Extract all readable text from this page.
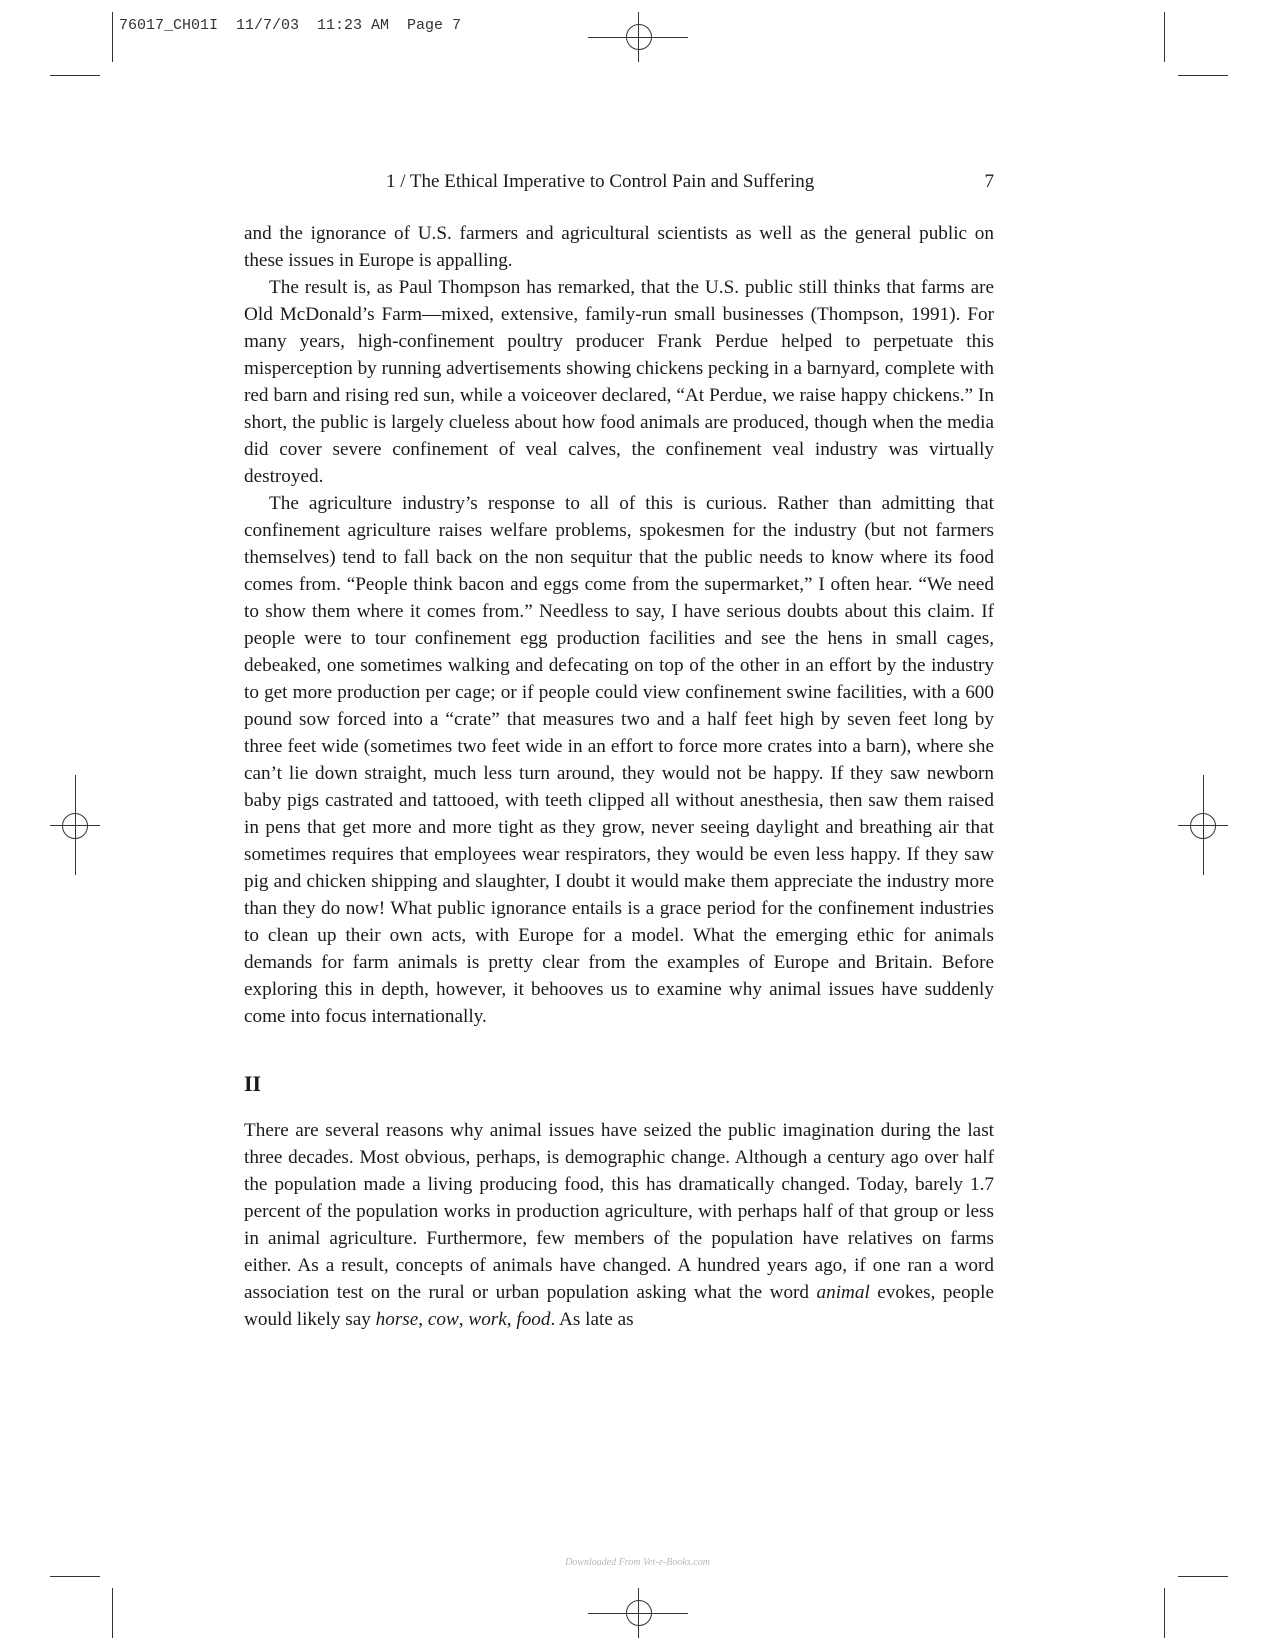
76017_CH01I  11/7/03  11:23 AM  Page 7
1 / The Ethical Imperative to Control Pain and Suffering	7

and the ignorance of U.S. farmers and agricultural scientists as well as the general public on these issues in Europe is appalling.

The result is, as Paul Thompson has remarked, that the U.S. public still thinks that farms are Old McDonald’s Farm—mixed, extensive, family-run small businesses (Thompson, 1991). For many years, high-confinement poultry producer Frank Perdue helped to perpetuate this misperception by running advertisements showing chickens pecking in a barnyard, complete with red barn and rising red sun, while a voiceover declared, “At Perdue, we raise happy chickens.” In short, the public is largely clueless about how food animals are produced, though when the media did cover severe confinement of veal calves, the confinement veal industry was virtually destroyed.

The agriculture industry’s response to all of this is curious. Rather than admitting that confinement agriculture raises welfare problems, spokesmen for the industry (but not farmers themselves) tend to fall back on the non sequitur that the public needs to know where its food comes from. “People think bacon and eggs come from the supermarket,” I often hear. “We need to show them where it comes from.” Needless to say, I have serious doubts about this claim. If people were to tour confinement egg production facilities and see the hens in small cages, debeaked, one sometimes walking and defecating on top of the other in an effort by the industry to get more production per cage; or if people could view confinement swine facilities, with a 600 pound sow forced into a “crate” that measures two and a half feet high by seven feet long by three feet wide (sometimes two feet wide in an effort to force more crates into a barn), where she can’t lie down straight, much less turn around, they would not be happy. If they saw newborn baby pigs castrated and tattooed, with teeth clipped all without anesthesia, then saw them raised in pens that get more and more tight as they grow, never seeing daylight and breathing air that sometimes requires that employees wear respirators, they would be even less happy. If they saw pig and chicken shipping and slaughter, I doubt it would make them appreciate the industry more than they do now! What public ignorance entails is a grace period for the confinement industries to clean up their own acts, with Europe for a model. What the emerging ethic for animals demands for farm animals is pretty clear from the examples of Europe and Britain. Before exploring this in depth, however, it behooves us to examine why animal issues have suddenly come into focus internationally.

II

There are several reasons why animal issues have seized the public imagination during the last three decades. Most obvious, perhaps, is demographic change. Although a century ago over half the population made a living producing food, this has dramatically changed. Today, barely 1.7 percent of the population works in production agriculture, with perhaps half of that group or less in animal agriculture. Furthermore, few members of the population have relatives on farms either. As a result, concepts of animals have changed. A hundred years ago, if one ran a word association test on the rural or urban population asking what the word animal evokes, people would likely say horse, cow, work, food. As late as

Downloaded From Vet-e-Books.com
